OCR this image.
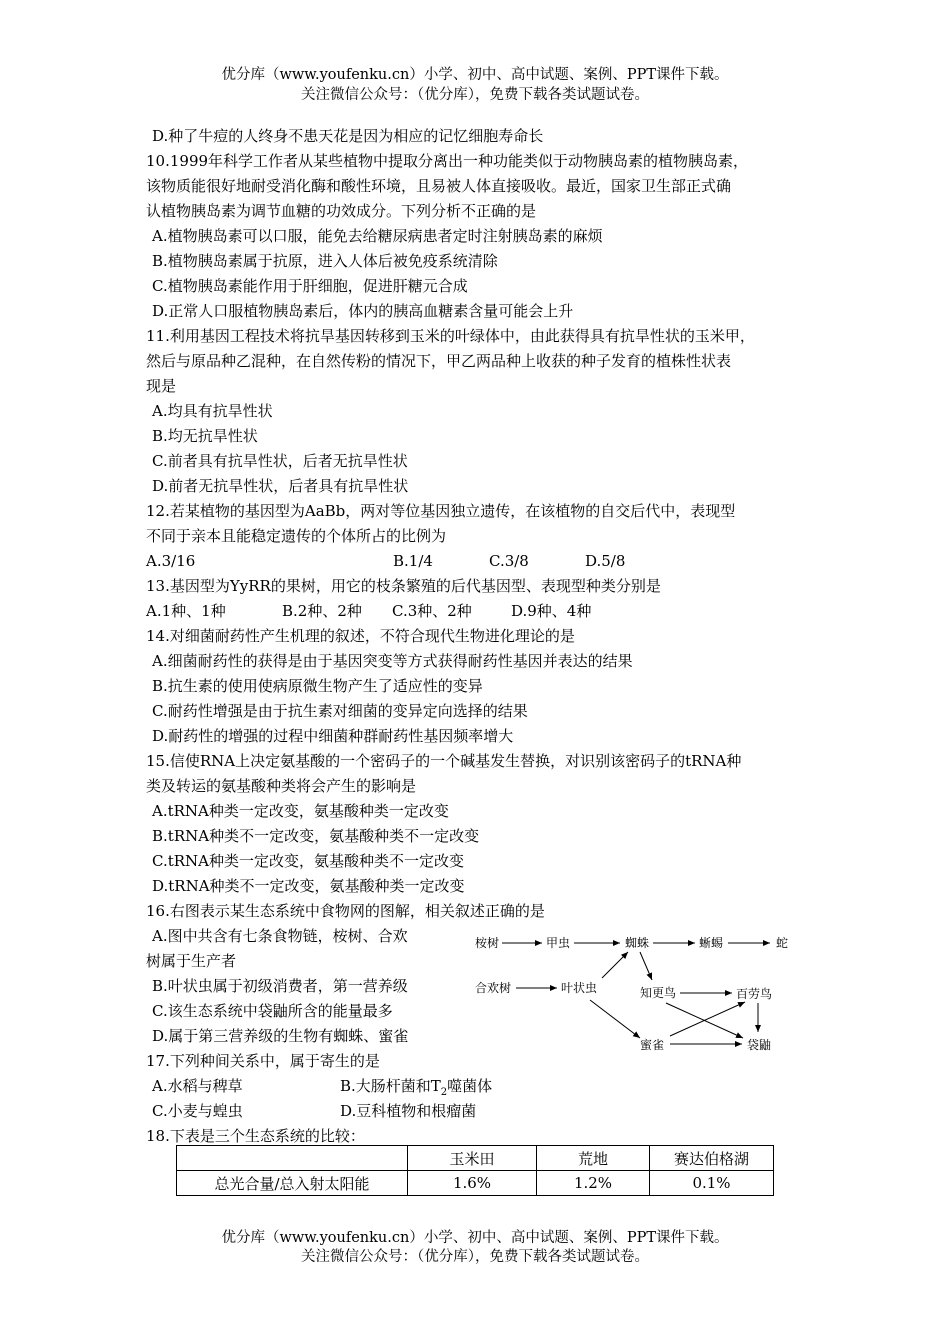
优分库（www.youfenku.cn）小学、初中、高中试题、案例、PPT课件下载。
关注微信公众号：（优分库），免费下载各类试题试卷。
D.种了牛痘的人终身不患天花是因为相应的记忆细胞寿命长
10.1999年科学工作者从某些植物中提取分离出一种功能类似于动物胰岛素的植物胰岛素，
该物质能很好地耐受消化酶和酸性环境，且易被人体直接吸收。最近，国家卫生部正式确
认植物胰岛素为调节血糖的功效成分。下列分析不正确的是
A.植物胰岛素可以口服，能免去给糖尿病患者定时注射胰岛素的麻烦
B.植物胰岛素属于抗原，进入人体后被免疫系统清除
C.植物胰岛素能作用于肝细胞，促进肝糖元合成
D.正常人口服植物胰岛素后，体内的胰高血糖素含量可能会上升
11.利用基因工程技术将抗旱基因转移到玉米的叶绿体中，由此获得具有抗旱性状的玉米甲，
然后与原品种乙混种，在自然传粉的情况下，甲乙两品种上收获的种子发育的植株性状表
现是
A.均具有抗旱性状
B.均无抗旱性状
C.前者具有抗旱性状，后者无抗旱性状
D.前者无抗旱性状，后者具有抗旱性状
12.若某植物的基因型为AaBb，两对等位基因独立遗传，在该植物的自交后代中，表现型
不同于亲本且能稳定遗传的个体所占的比例为
A.3/16	B.1/4	C.3/8	D.5/8
13.基因型为YyRR的果树，用它的枝条繁殖的后代基因型、表现型种类分别是
A.1种、1种	B.2种、2种 C.3种、2种	D.9种、4种
14.对细菌耐药性产生机理的叙述，不符合现代生物进化理论的是
A.细菌耐药性的获得是由于基因突变等方式获得耐药性基因并表达的结果
B.抗生素的使用使病原微生物产生了适应性的变异
C.耐药性增强是由于抗生素对细菌的变异定向选择的结果
D.耐药性的增强的过程中细菌种群耐药性基因频率增大
15.信使RNA上决定氨基酸的一个密码子的一个碱基发生替换，对识别该密码子的tRNA种
类及转运的氨基酸种类将会产生的影响是
A.tRNA种类一定改变，氨基酸种类一定改变
B.tRNA种类不一定改变，氨基酸种类不一定改变
C.tRNA种类一定改变，氨基酸种类不一定改变
D.tRNA种类不一定改变，氨基酸种类一定改变
16.右图表示某生态系统中食物网的图解，相关叙述正确的是
A.图中共含有七条食物链，桉树、合欢
树属于生产者
B.叶状虫属于初级消费者，第一营养级
C.该生态系统中袋鼬所含的能量最多
D.属于第三营养级的生物有蜘蛛、蜜雀
桉树	甲虫	蜘蛛	蜥蜴	蛇
合欢树	叶状虫	知更鸟	百劳鸟
蜜雀	袋鼬
17.下列种间关系中，属于寄生的是
A.水稻与稗草	B.大肠杆菌和$T_2$噬菌体
C.小麦与蝗虫	D.豆科植物和根瘤菌
18.下表是三个生态系统的比较：
	玉米田	荒地	赛达伯格湖
总光合量/总入射太阳能	1.6%	1.2%	0.1%
优分库（www.youfenku.cn）小学、初中、高中试题、案例、PPT课件下载。
关注微信公众号：（优分库），免费下载各类试题试卷。
